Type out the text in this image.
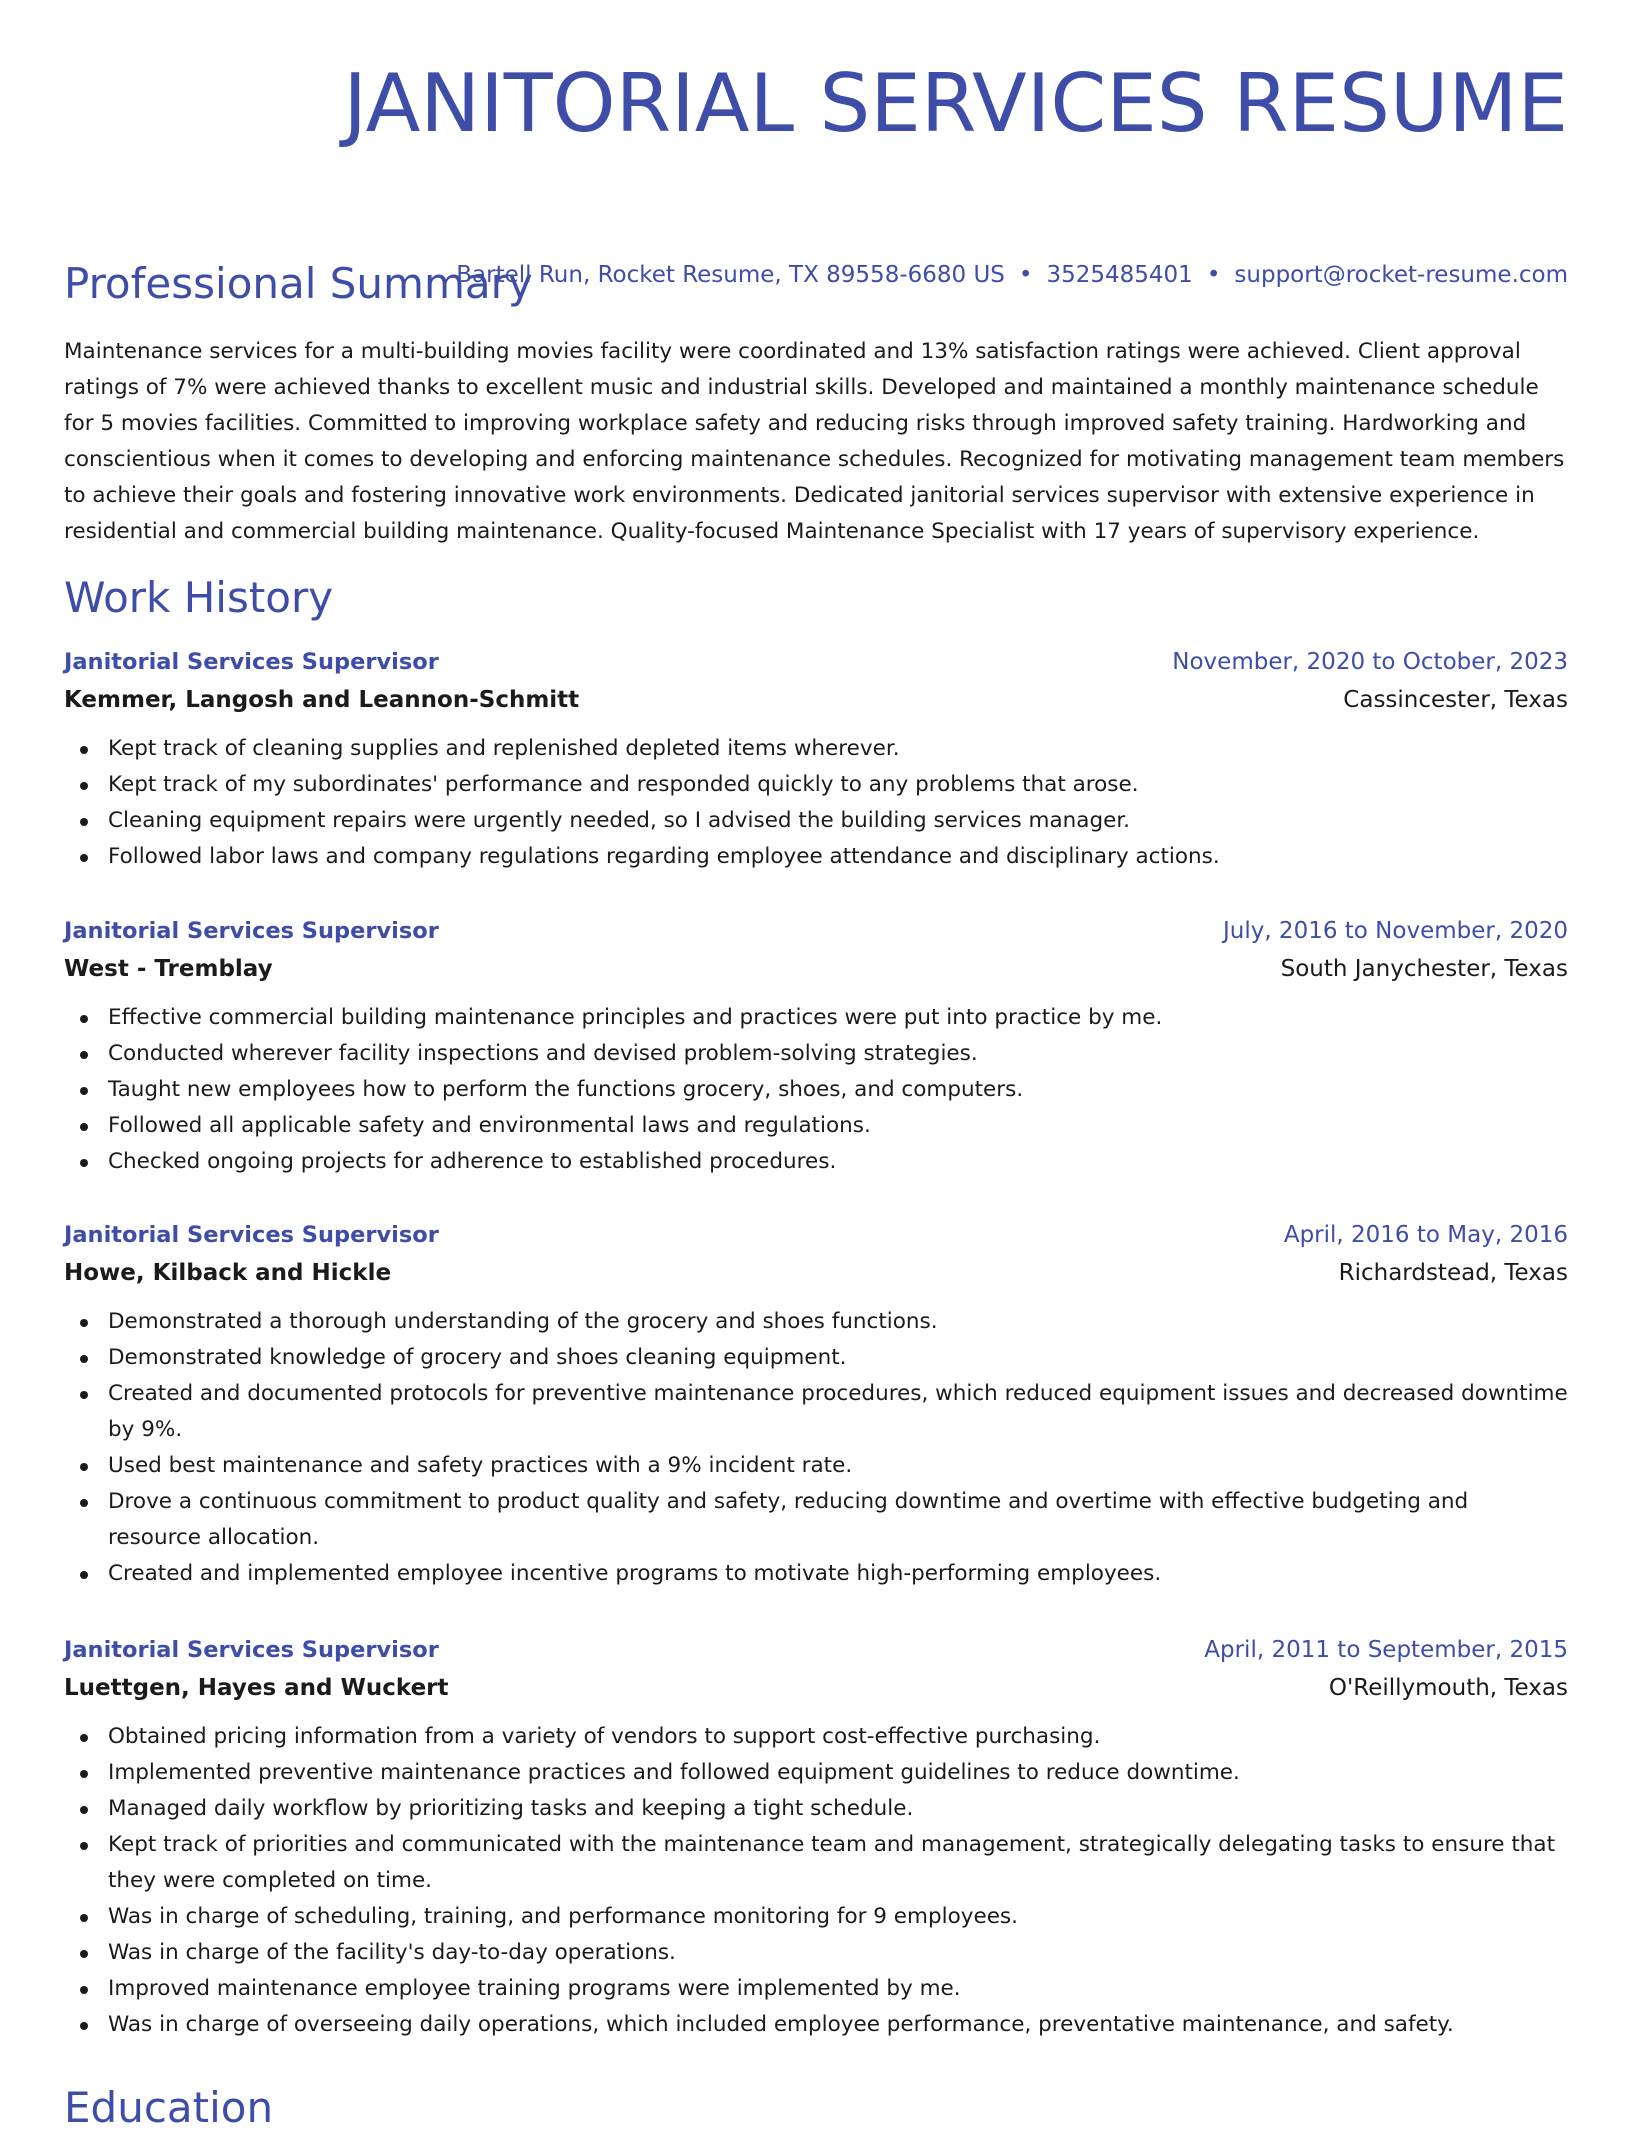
JANITORIAL SERVICES RESUME
Bartell Run, Rocket Resume, TX 89558-6680 US • 3525485401 • support@rocket-resume.com
Professional Summary

Maintenance services for a multi-building movies facility were coordinated and 13% satisfaction ratings were achieved. Client approval ratings of 7% were achieved thanks to excellent music and industrial skills. Developed and maintained a monthly maintenance schedule for 5 movies facilities. Committed to improving workplace safety and reducing risks through improved safety training. Hardworking and conscientious when it comes to developing and enforcing maintenance schedules. Recognized for motivating management team members to achieve their goals and fostering innovative work environments. Dedicated janitorial services supervisor with extensive experience in residential and commercial building maintenance. Quality-focused Maintenance Specialist with 17 years of supervisory experience.

Work History
Janitorial Services Supervisor	November, 2020 to October, 2023
Kemmer, Langosh and Leannon-Schmitt	Cassincester, Texas
Kept track of cleaning supplies and replenished depleted items wherever.
Kept track of my subordinates' performance and responded quickly to any problems that arose.
Cleaning equipment repairs were urgently needed, so I advised the building services manager.
Followed labor laws and company regulations regarding employee attendance and disciplinary actions.
Janitorial Services Supervisor	July, 2016 to November, 2020
West - Tremblay	South Janychester, Texas
Effective commercial building maintenance principles and practices were put into practice by me.
Conducted wherever facility inspections and devised problem-solving strategies.
Taught new employees how to perform the functions grocery, shoes, and computers.
Followed all applicable safety and environmental laws and regulations.
Checked ongoing projects for adherence to established procedures.
Janitorial Services Supervisor	April, 2016 to May, 2016
Howe, Kilback and Hickle	Richardstead, Texas
Demonstrated a thorough understanding of the grocery and shoes functions.
Demonstrated knowledge of grocery and shoes cleaning equipment.
Created and documented protocols for preventive maintenance procedures, which reduced equipment issues and decreased downtime by 9%.
Used best maintenance and safety practices with a 9% incident rate.
Drove a continuous commitment to product quality and safety, reducing downtime and overtime with effective budgeting and resource allocation.
Created and implemented employee incentive programs to motivate high-performing employees.
Janitorial Services Supervisor	April, 2011 to September, 2015
Luettgen, Hayes and Wuckert	O'Reillymouth, Texas
Obtained pricing information from a variety of vendors to support cost-effective purchasing.
Implemented preventive maintenance practices and followed equipment guidelines to reduce downtime.
Managed daily workflow by prioritizing tasks and keeping a tight schedule.
Kept track of priorities and communicated with the maintenance team and management, strategically delegating tasks to ensure that they were completed on time.
Was in charge of scheduling, training, and performance monitoring for 9 employees.
Was in charge of the facility's day-to-day operations.
Improved maintenance employee training programs were implemented by me.
Was in charge of overseeing daily operations, which included employee performance, preventative maintenance, and safety.
Education
